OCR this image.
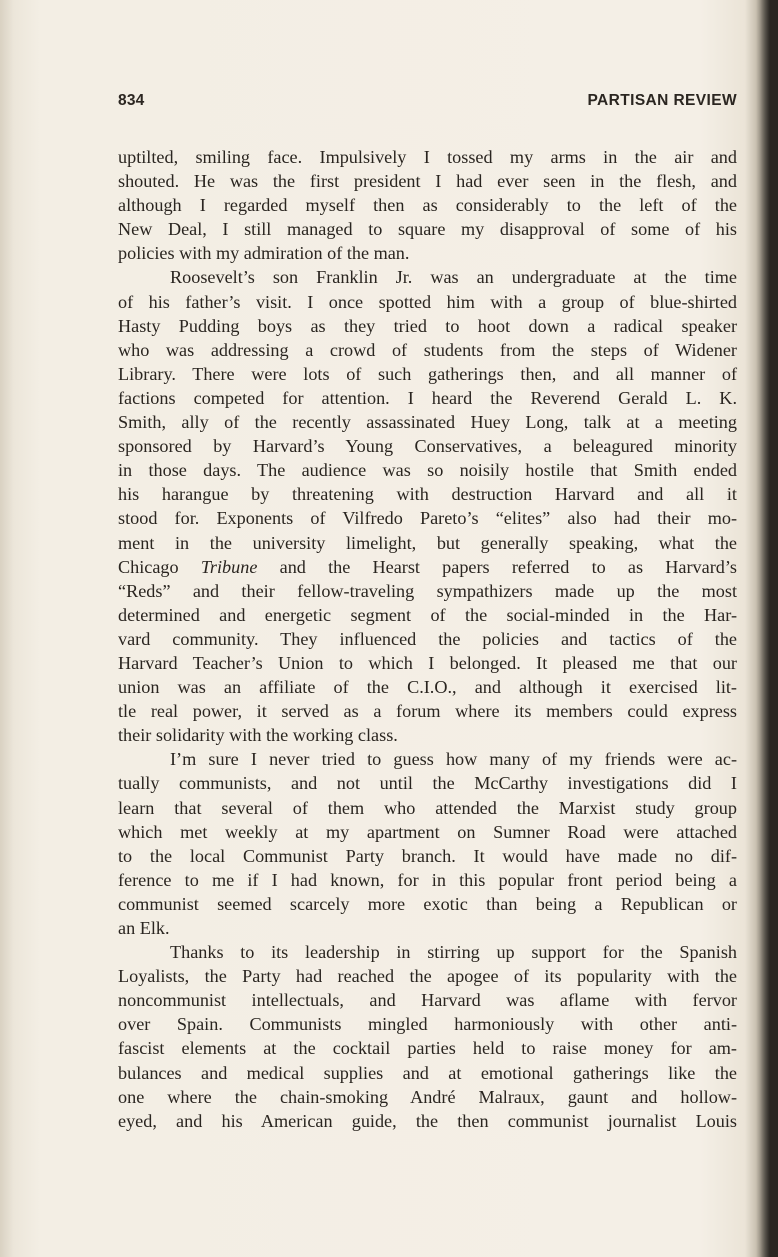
834	PARTISAN REVIEW
uptilted, smiling face. Impulsively I tossed my arms in the air and
shouted. He was the first president I had ever seen in the flesh, and
although I regarded myself then as considerably to the left of the
New Deal, I still managed to square my disapproval of some of his
policies with my admiration of the man.
Roosevelt’s son Franklin Jr. was an undergraduate at the time
of his father’s visit. I once spotted him with a group of blue-shirted
Hasty Pudding boys as they tried to hoot down a radical speaker
who was addressing a crowd of students from the steps of Widener
Library. There were lots of such gatherings then, and all manner of
factions competed for attention. I heard the Reverend Gerald L. K.
Smith, ally of the recently assassinated Huey Long, talk at a meeting
sponsored by Harvard’s Young Conservatives, a beleagured minority
in those days. The audience was so noisily hostile that Smith ended
his harangue by threatening with destruction Harvard and all it
stood for. Exponents of Vilfredo Pareto’s “elites” also had their mo-
ment in the university limelight, but generally speaking, what the
Chicago Tribune and the Hearst papers referred to as Harvard’s
“Reds” and their fellow-traveling sympathizers made up the most
determined and energetic segment of the social-minded in the Har-
vard community. They influenced the policies and tactics of the
Harvard Teacher’s Union to which I belonged. It pleased me that our
union was an affiliate of the C.I.O., and although it exercised lit-
tle real power, it served as a forum where its members could express
their solidarity with the working class.
I’m sure I never tried to guess how many of my friends were ac-
tually communists, and not until the McCarthy investigations did I
learn that several of them who attended the Marxist study group
which met weekly at my apartment on Sumner Road were attached
to the local Communist Party branch. It would have made no dif-
ference to me if I had known, for in this popular front period being a
communist seemed scarcely more exotic than being a Republican or
an Elk.
Thanks to its leadership in stirring up support for the Spanish
Loyalists, the Party had reached the apogee of its popularity with the
noncommunist intellectuals, and Harvard was aflame with fervor
over Spain. Communists mingled harmoniously with other anti-
fascist elements at the cocktail parties held to raise money for am-
bulances and medical supplies and at emotional gatherings like the
one where the chain-smoking André Malraux, gaunt and hollow-
eyed, and his American guide, the then communist journalist Louis
